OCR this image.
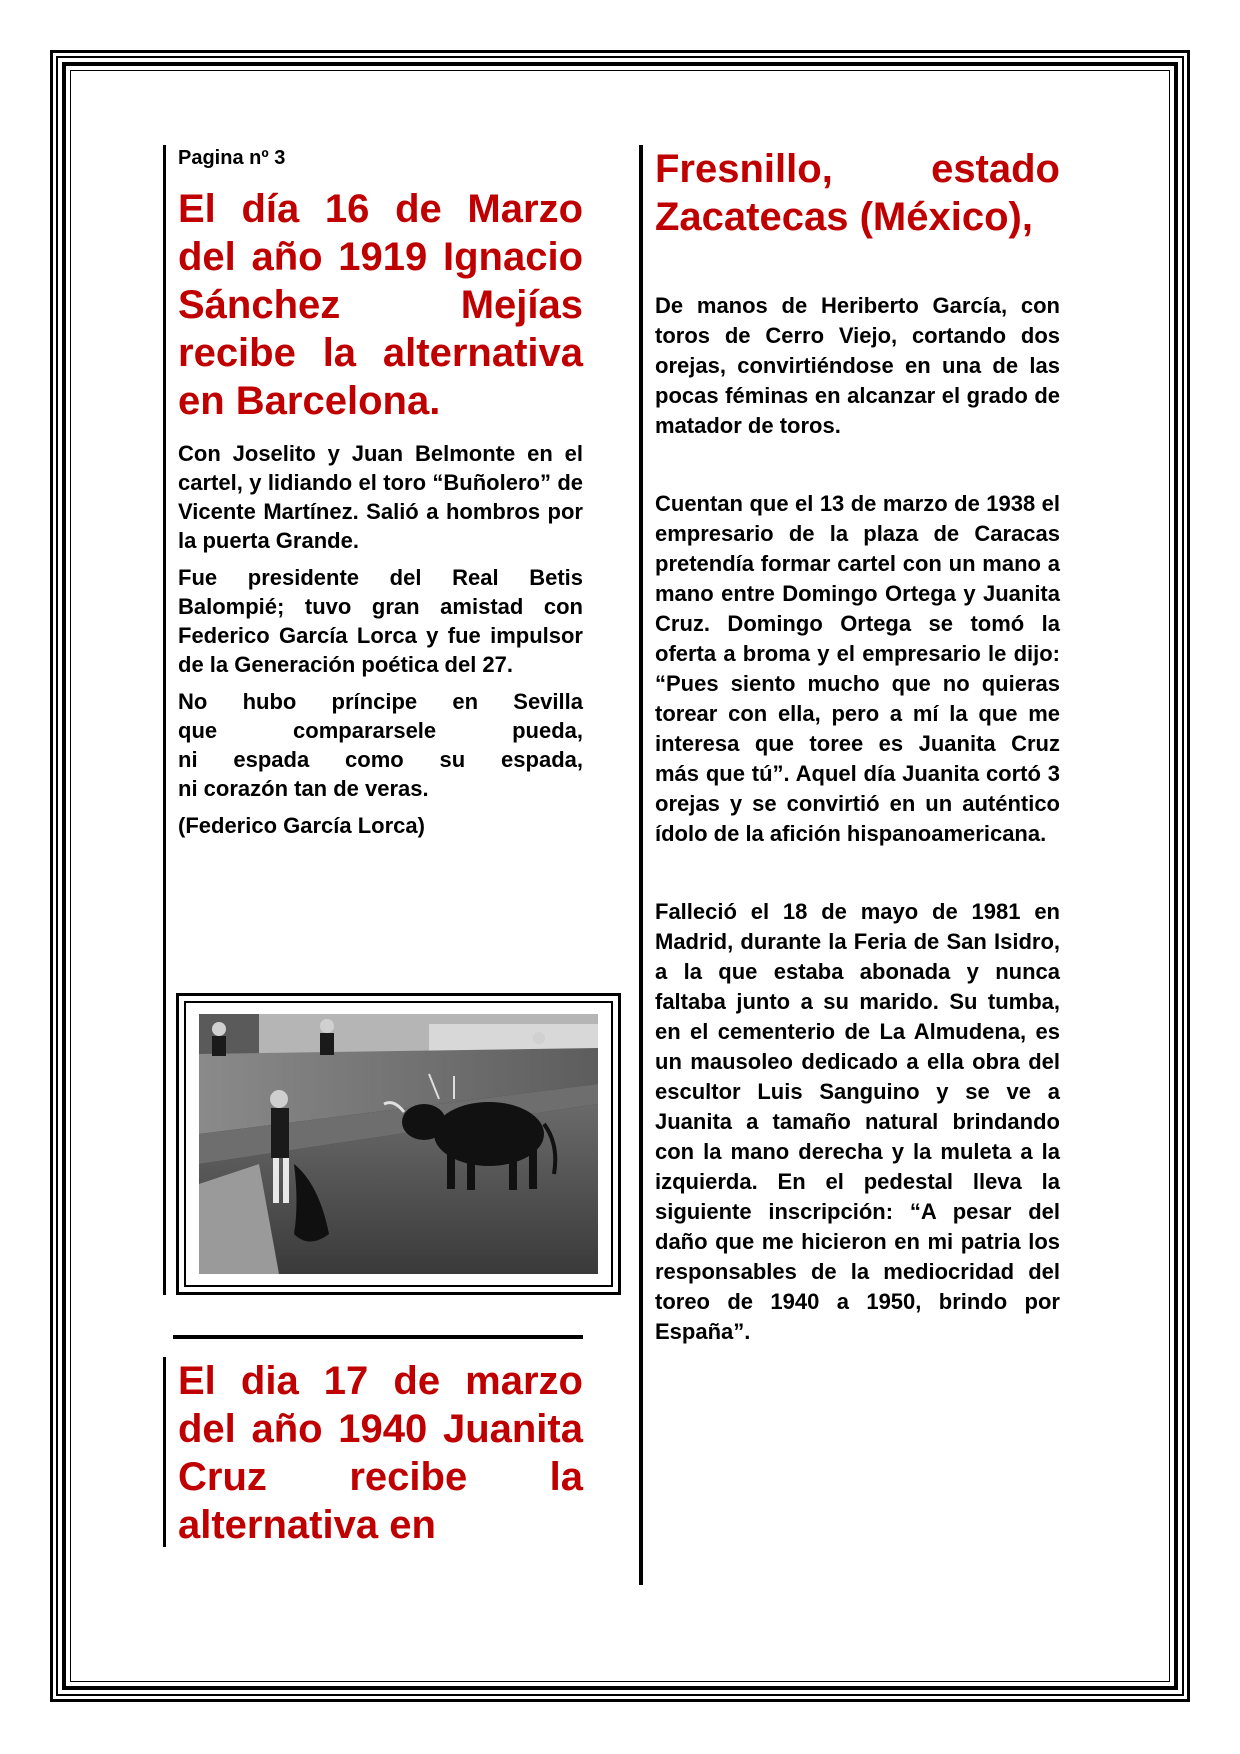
Pagina nº 3

El día 16 de Marzo del año 1919 Ignacio Sánchez Mejías recibe la alternativa en Barcelona.

Con Joselito y Juan Belmonte en el cartel, y lidiando el toro “Buñolero” de Vicente Martínez. Salió a hombros por la puerta Grande.

Fue presidente del Real Betis Balompié; tuvo gran amistad con Federico García Lorca y fue impulsor de la Generación poética del 27.

No hubo príncipe en Sevilla
que compararsele pueda,
ni espada como su espada,
ni corazón tan de veras.

(Federico García Lorca)

El dia 17 de marzo del año 1940 Juanita Cruz recibe la alternativa en
Fresnillo, estado Zacatecas (México),

De manos de Heriberto García, con toros de Cerro Viejo, cortando dos orejas, convirtiéndose en una de las pocas féminas en alcanzar el grado de matador de toros.

Cuentan que el 13 de marzo de 1938 el empresario de la plaza de Caracas pretendía formar cartel con un mano a mano entre Domingo Ortega y Juanita Cruz. Domingo Ortega se tomó la oferta a broma y el empresario le dijo: “Pues siento mucho que no quieras torear con ella, pero a mí la que me interesa que toree es Juanita Cruz más que tú”. Aquel día Juanita cortó 3 orejas y se convirtió en un auténtico ídolo de la afición hispanoamericana.

Falleció el 18 de mayo de 1981 en Madrid, durante la Feria de San Isidro, a la que estaba abonada y nunca faltaba junto a su marido. Su tumba, en el cementerio de La Almudena, es un mausoleo dedicado a ella obra del escultor Luis Sanguino y se ve a Juanita a tamaño natural brindando con la mano derecha y la muleta a la izquierda. En el pedestal lleva la siguiente inscripción: “A pesar del daño que me hicieron en mi patria los responsables de la mediocridad del toreo de 1940 a 1950, brindo por España”.
